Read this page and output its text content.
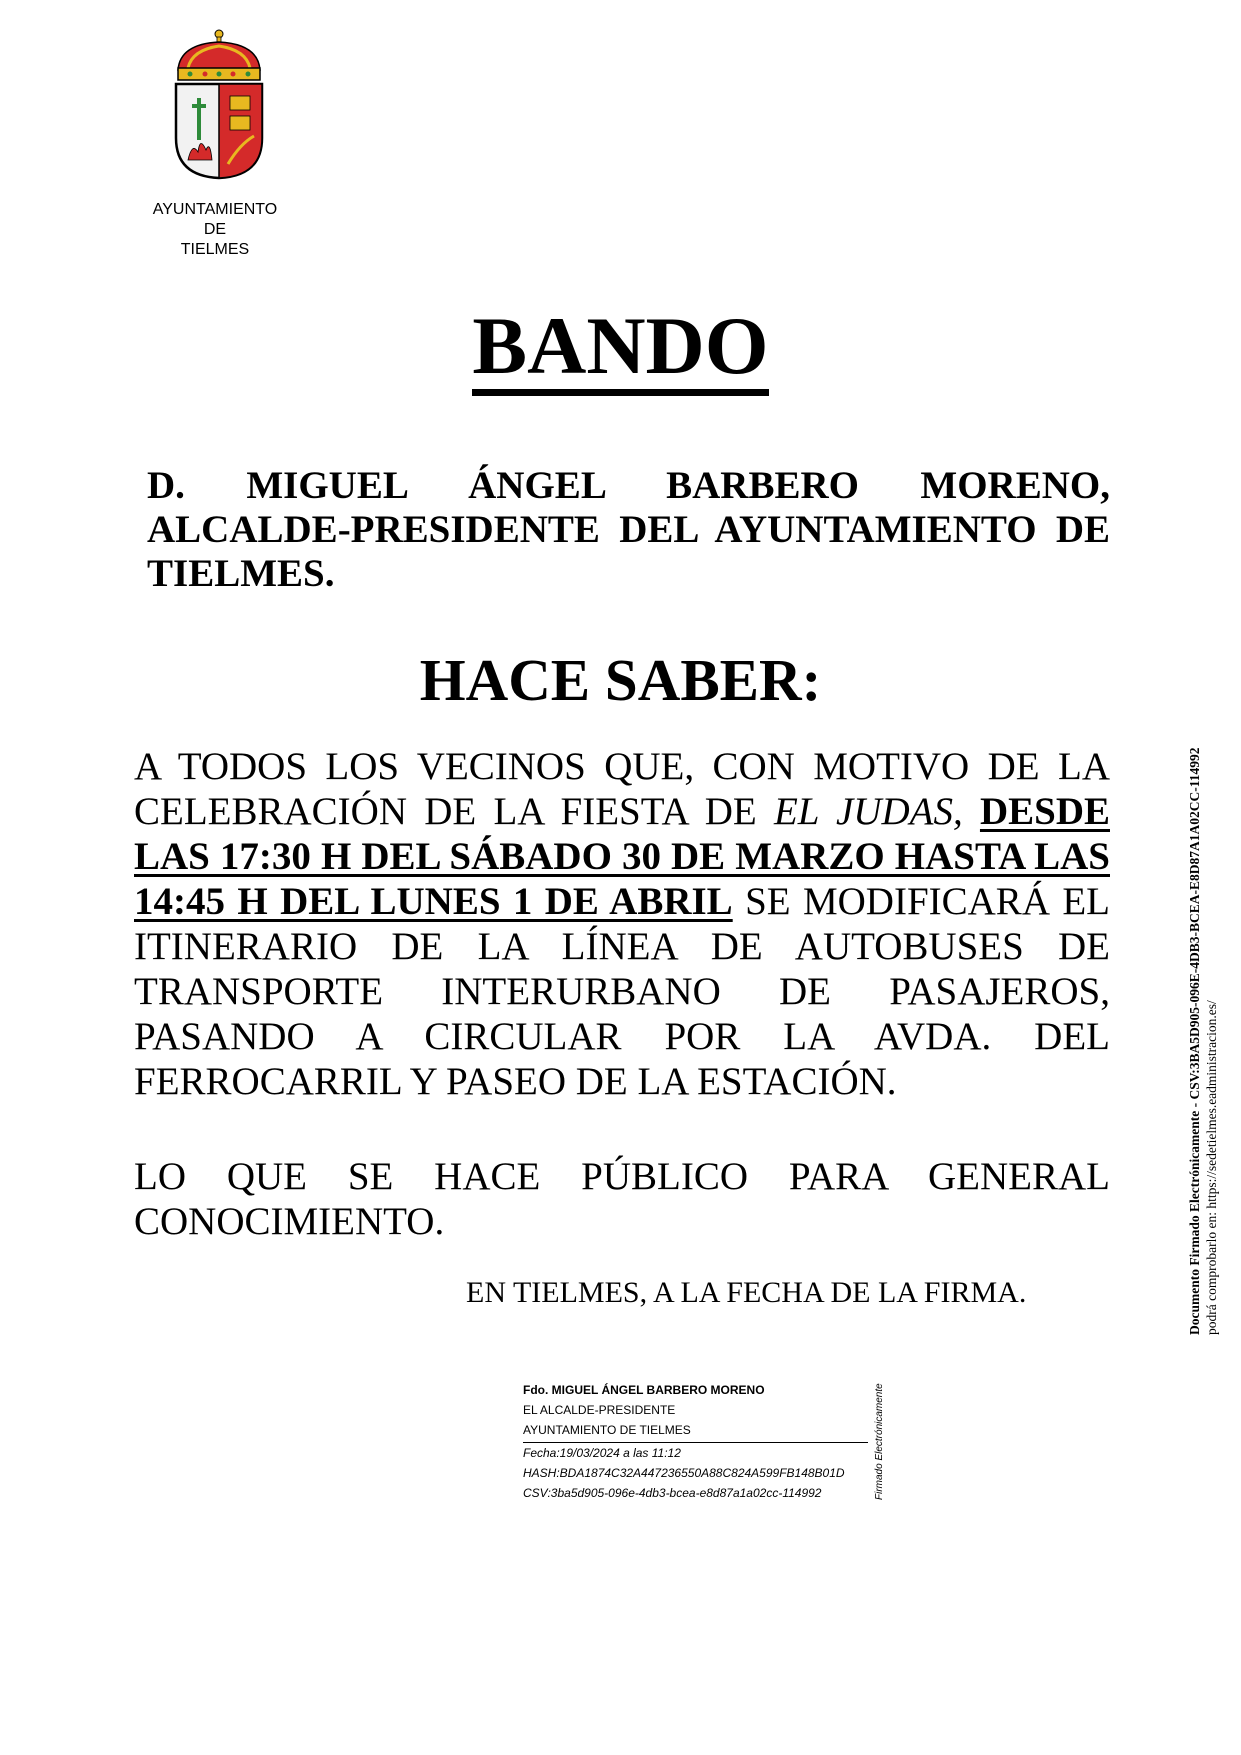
AYUNTAMIENTO
DE
TIELMES
BANDO
D. MIGUEL ÁNGEL BARBERO MORENO, ALCALDE-PRESIDENTE DEL AYUNTAMIENTO DE TIELMES.
HACE SABER:
A TODOS LOS VECINOS QUE, CON MOTIVO DE LA CELEBRACIÓN DE LA FIESTA DE EL JUDAS, DESDE LAS 17:30 H DEL SÁBADO 30 DE MARZO HASTA LAS 14:45 H DEL LUNES 1 DE ABRIL SE MODIFICARÁ EL ITINERARIO DE LA LÍNEA DE AUTOBUSES DE TRANSPORTE INTERURBANO DE PASAJEROS, PASANDO A CIRCULAR POR LA AVDA. DEL FERROCARRIL Y PASEO DE LA ESTACIÓN.
LO QUE SE HACE PÚBLICO PARA GENERAL CONOCIMIENTO.
EN TIELMES, A LA FECHA DE LA FIRMA.
Fdo. MIGUEL ÁNGEL BARBERO MORENO
EL ALCALDE-PRESIDENTE
AYUNTAMIENTO DE TIELMES
Fecha:19/03/2024 a las 11:12
HASH:BDA1874C32A447236550A88C824A599FB148B01D
CSV:3ba5d905-096e-4db3-bcea-e8d87a1a02cc-114992	Firmado Electrónicamente
Documento Firmado Electrónicamente - CSV:3BA5D905-096E-4DB3-BCEA-E8D87A1A02CC-114992 podrá comprobarlo en: https://sedetielmes.eadministracion.es/
